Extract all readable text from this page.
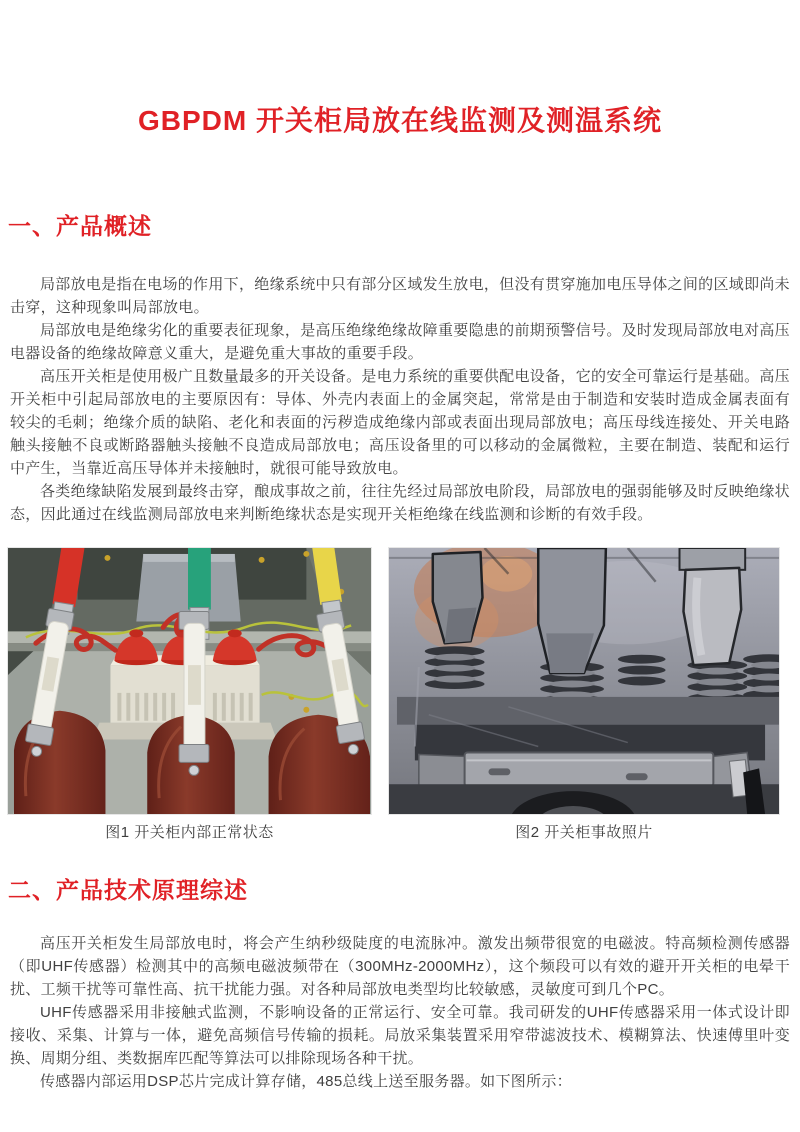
GBPDM 开关柜局放在线监测及测温系统
一、产品概述

局部放电是指在电场的作用下，绝缘系统中只有部分区域发生放电，但没有贯穿施加电压导体之间的区域即尚未击穿，这种现象叫局部放电。

局部放电是绝缘劣化的重要表征现象，是高压绝缘绝缘故障重要隐患的前期预警信号。及时发现局部放电对高压电器设备的绝缘故障意义重大，是避免重大事故的重要手段。

高压开关柜是使用极广且数量最多的开关设备。是电力系统的重要供配电设备，它的安全可靠运行是基础。高压开关柜中引起局部放电的主要原因有：导体、外壳内表面上的金属突起，常常是由于制造和安装时造成金属表面有较尖的毛刺；绝缘介质的缺陷、老化和表面的污秽造成绝缘内部或表面出现局部放电；高压母线连接处、开关电路触头接触不良或断路器触头接触不良造成局部放电；高压设备里的可以移动的金属微粒，主要在制造、装配和运行中产生，当靠近高压导体并未接触时，就很可能导致放电。

各类绝缘缺陷发展到最终击穿，酿成事故之前，往往先经过局部放电阶段，局部放电的强弱能够及时反映绝缘状态，因此通过在线监测局部放电来判断绝缘状态是实现开关柜绝缘在线监测和诊断的有效手段。

图1 开关柜内部正常状态	图2 开关柜事故照片
二、产品技术原理综述

高压开关柜发生局部放电时，将会产生纳秒级陡度的电流脉冲。激发出频带很宽的电磁波。特高频检测传感器（即UHF传感器）检测其中的高频电磁波频带在（300MHz-2000MHz），这个频段可以有效的避开开关柜的电晕干扰、工频干扰等可靠性高、抗干扰能力强。对各种局部放电类型均比较敏感，灵敏度可到几个PC。

UHF传感器采用非接触式监测，不影响设备的正常运行、安全可靠。我司研发的UHF传感器采用一体式设计即接收、采集、计算与一体，避免高频信号传输的损耗。局放采集装置采用窄带滤波技术、模糊算法、快速傅里叶变换、周期分组、类数据库匹配等算法可以排除现场各种干扰。

传感器内部运用DSP芯片完成计算存储，485总线上送至服务器。如下图所示：
